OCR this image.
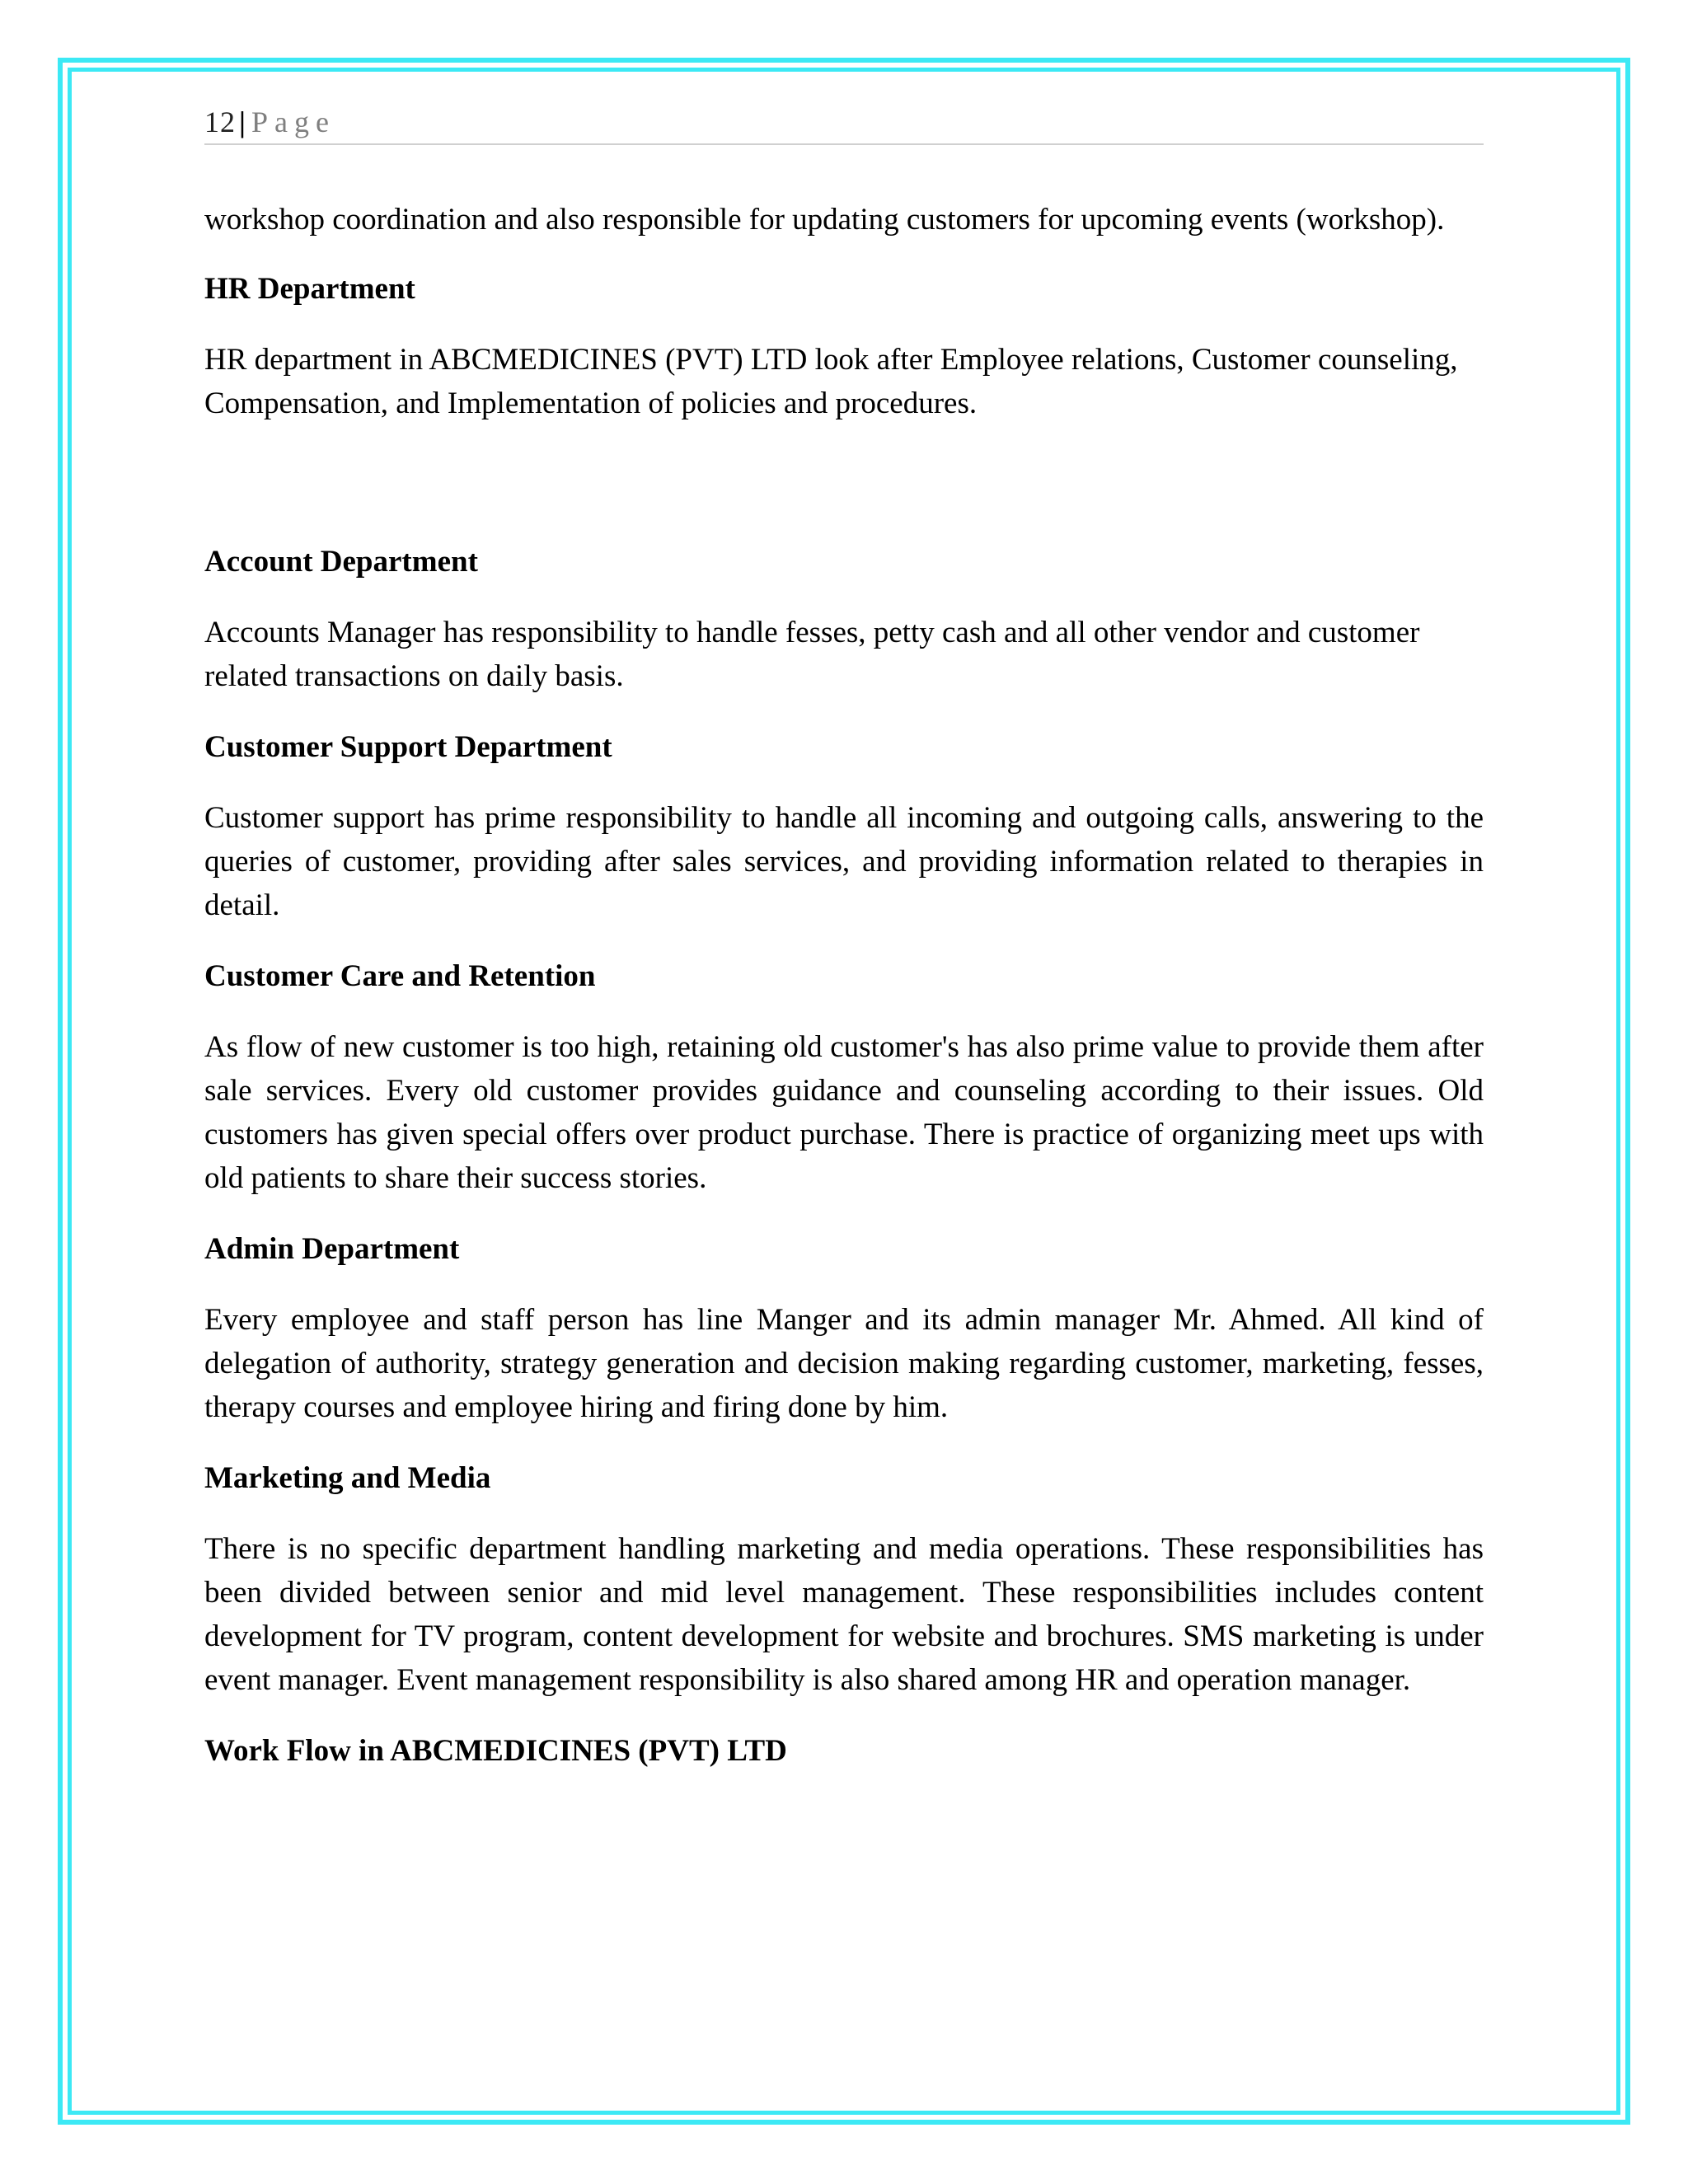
12 | Page

workshop coordination and also responsible for updating customers for upcoming events (workshop).

HR Department

HR department in ABCMEDICINES (PVT) LTD look after Employee relations, Customer counseling, Compensation, and Implementation of policies and procedures.

Account Department

Accounts Manager has responsibility to handle fesses, petty cash and all other vendor and customer related transactions on daily basis.

Customer Support Department

Customer support has prime responsibility to handle all incoming and outgoing calls, answering to the queries of customer, providing after sales services, and providing information related to therapies in detail.

Customer Care and Retention

As flow of new customer is too high, retaining old customer's has also prime value to provide them after sale services. Every old customer provides guidance and counseling according to their issues. Old customers has given special offers over product purchase. There is practice of organizing meet ups with old patients to share their success stories.

Admin Department

Every employee and staff person has line Manger and its admin manager Mr. Ahmed. All kind of delegation of authority, strategy generation and decision making regarding customer, marketing, fesses, therapy courses and employee hiring and firing done by him.

Marketing and Media

There is no specific department handling marketing and media operations. These responsibilities has been divided between senior and mid level management. These responsibilities includes content development for TV program, content development for website and brochures. SMS marketing is under event manager. Event management responsibility is also shared among HR and operation manager.

Work Flow in ABCMEDICINES (PVT) LTD
